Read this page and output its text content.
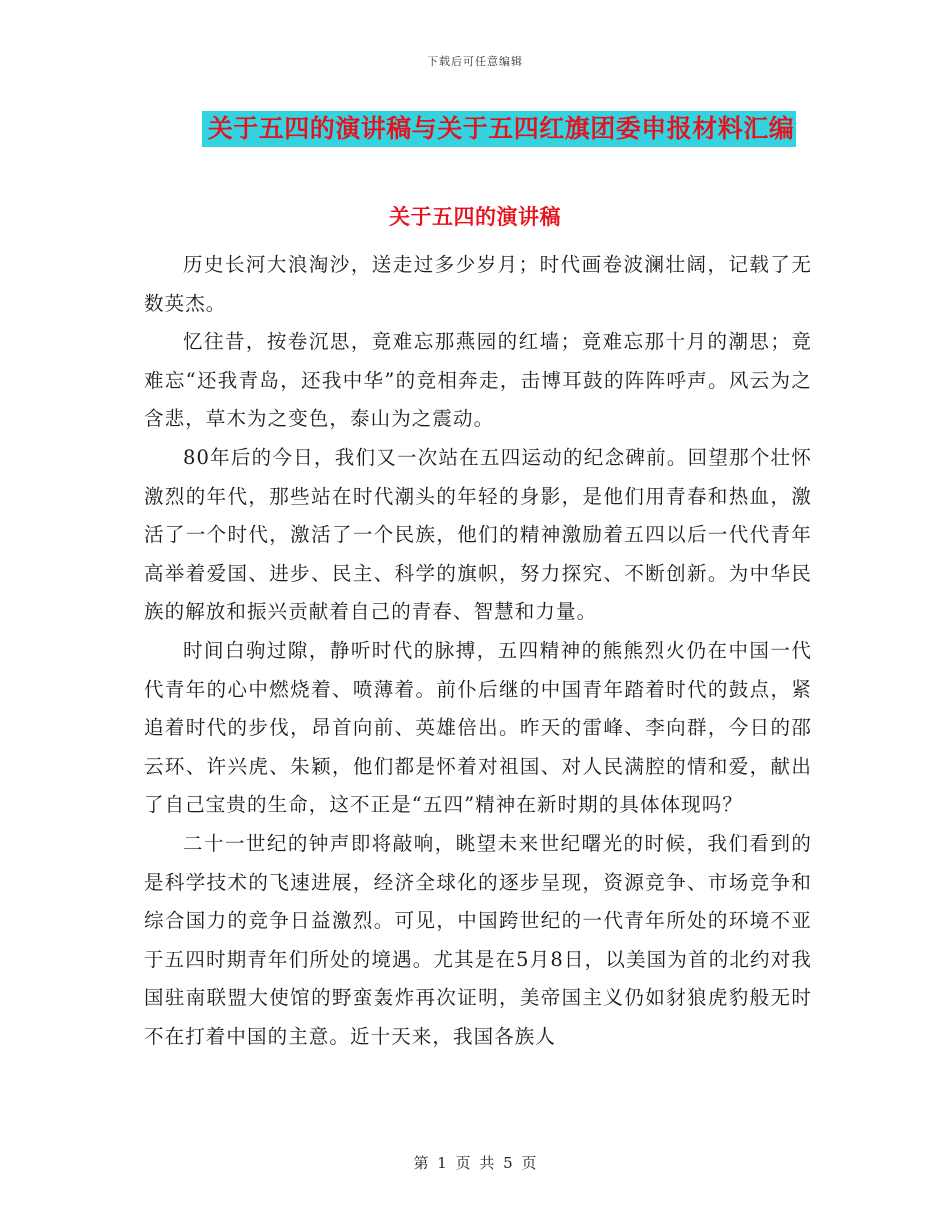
下载后可任意编辑
关于五四的演讲稿与关于五四红旗团委申报材料汇编
关于五四的演讲稿

历史长河大浪淘沙，送走过多少岁月；时代画卷波澜壮阔，记载了无数英杰。

忆往昔，按卷沉思，竟难忘那燕园的红墙；竟难忘那十月的潮思；竟难忘“还我青岛，还我中华”的竞相奔走，击博耳鼓的阵阵呼声。风云为之含悲，草木为之变色，泰山为之震动。

80年后的今日，我们又一次站在五四运动的纪念碑前。回望那个壮怀激烈的年代，那些站在时代潮头的年轻的身影，是他们用青春和热血，激活了一个时代，激活了一个民族，他们的精神激励着五四以后一代代青年高举着爱国、进步、民主、科学的旗帜，努力探究、不断创新。为中华民族的解放和振兴贡献着自己的青春、智慧和力量。

时间白驹过隙，静听时代的脉搏，五四精神的熊熊烈火仍在中国一代代青年的心中燃烧着、喷薄着。前仆后继的中国青年踏着时代的鼓点，紧追着时代的步伐，昂首向前、英雄倍出。昨天的雷峰、李向群，今日的邵云环、许兴虎、朱颖，他们都是怀着对祖国、对人民满腔的情和爱，献出了自己宝贵的生命，这不正是“五四”精神在新时期的具体体现吗？

二十一世纪的钟声即将敲响，眺望未来世纪曙光的时候，我们看到的是科学技术的飞速进展，经济全球化的逐步呈现，资源竞争、市场竞争和综合国力的竞争日益激烈。可见，中国跨世纪的一代青年所处的环境不亚于五四时期青年们所处的境遇。尤其是在5月8日，以美国为首的北约对我国驻南联盟大使馆的野蛮轰炸再次证明，美帝国主义仍如豺狼虎豹般无时不在打着中国的主意。近十天来，我国各族人

第 1 页 共 5 页
